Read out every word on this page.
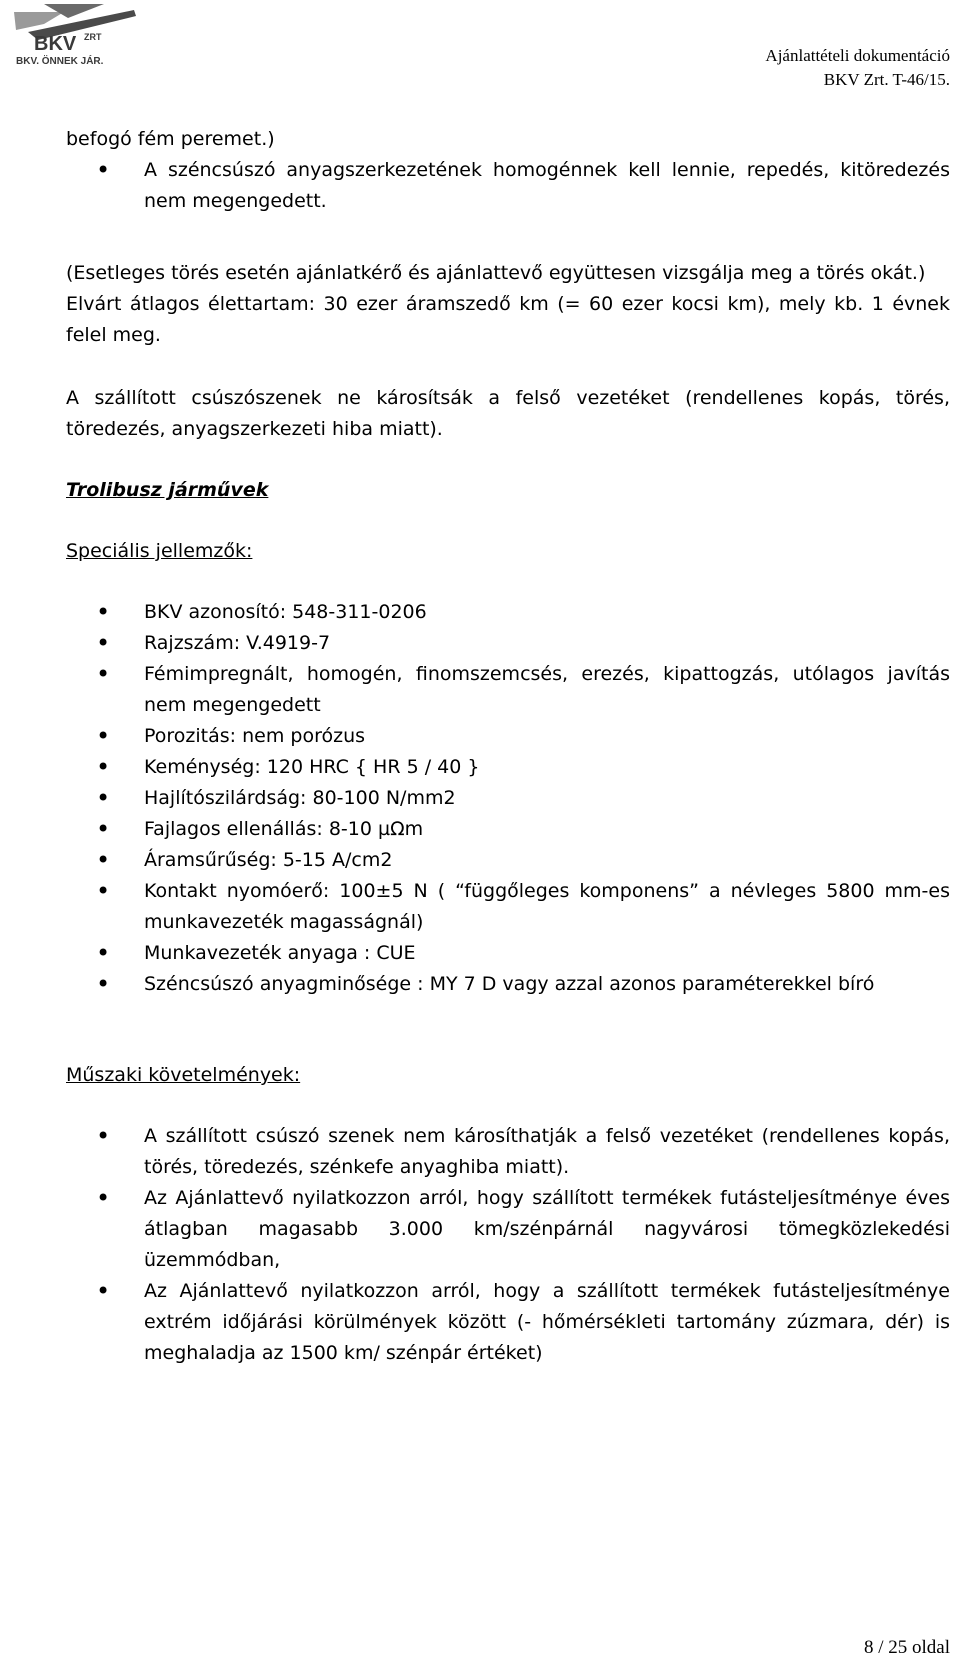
BKV ZRT
BKV. ÖNNEK JÁR.	Ajánlattételi dokumentáció
BKV Zrt. T-46/15.

befogó fém peremet.)

• A széncsúszó anyagszerkezetének homogénnek kell lennie, repedés, kitöredezés nem megengedett.

(Esetleges törés esetén ajánlatkérő és ajánlattevő együttesen vizsgálja meg a törés okát.)

Elvárt átlagos élettartam: 30 ezer áramszedő km (= 60 ezer kocsi km), mely kb. 1 évnek felel meg.

A szállított csúszószenek ne károsítsák a felső vezetéket (rendellenes kopás, törés, töredezés, anyagszerkezeti hiba miatt).

Trolibusz járművek

Speciális jellemzők:

• BKV azonosító: 548-311-0206
• Rajzszám: V.4919-7
• Fémimpregnált, homogén, finomszemcsés, erezés, kipattogzás, utólagos javítás nem megengedett
• Porozitás: nem porózus
• Keménység: 120 HRC { HR 5 / 40 }
• Hajlítószilárdság: 80-100 N/mm2
• Fajlagos ellenállás: 8-10 µΩm
• Áramsűrűség: 5-15 A/cm2
• Kontakt nyomóerő: 100±5 N ( “függőleges komponens” a névleges 5800 mm-es munkavezeték magasságnál)
• Munkavezeték anyaga : CUE
• Széncsúszó anyagminősége : MY 7 D vagy azzal azonos paraméterekkel bíró

Műszaki követelmények:

• A szállított csúszó szenek nem károsíthatják a felső vezetéket (rendellenes kopás, törés, töredezés, szénkefe anyaghiba miatt).
• Az Ajánlattevő nyilatkozzon arról, hogy szállított termékek futásteljesítménye éves átlagban magasabb 3.000 km/szénpárnál nagyvárosi tömegközlekedési üzemmódban,
• Az Ajánlattevő nyilatkozzon arról, hogy a szállított termékek futásteljesítménye extrém időjárási körülmények között (- hőmérsékleti tartomány zúzmara, dér) is meghaladja az 1500 km/ szénpár értéket)
8 / 25 oldal
